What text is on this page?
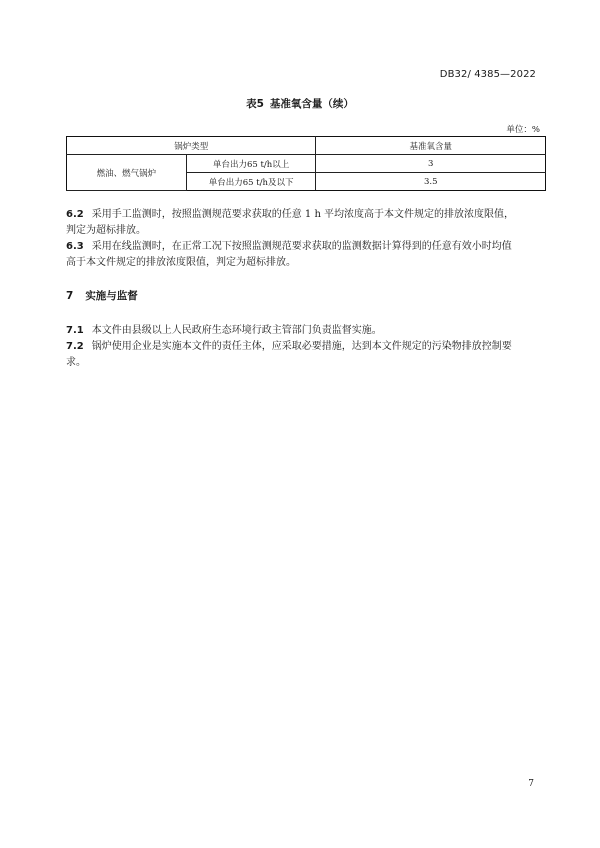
DB32/ 4385—2022
表5 基准氧含量（续）
单位：%
锅炉类型		基准氧含量
燃油、燃气锅炉	单台出力65 t/h以上	3
	单台出力65 t/h及以下	3.5
6.2 采用手工监测时，按照监测规范要求获取的任意 1 h 平均浓度高于本文件规定的排放浓度限值，
判定为超标排放。
6.3 采用在线监测时，在正常工况下按照监测规范要求获取的监测数据计算得到的任意有效小时均值
高于本文件规定的排放浓度限值，判定为超标排放。
7 实施与监督
7.1 本文件由县级以上人民政府生态环境行政主管部门负责监督实施。
7.2 锅炉使用企业是实施本文件的责任主体，应采取必要措施，达到本文件规定的污染物排放控制要
求。
7
